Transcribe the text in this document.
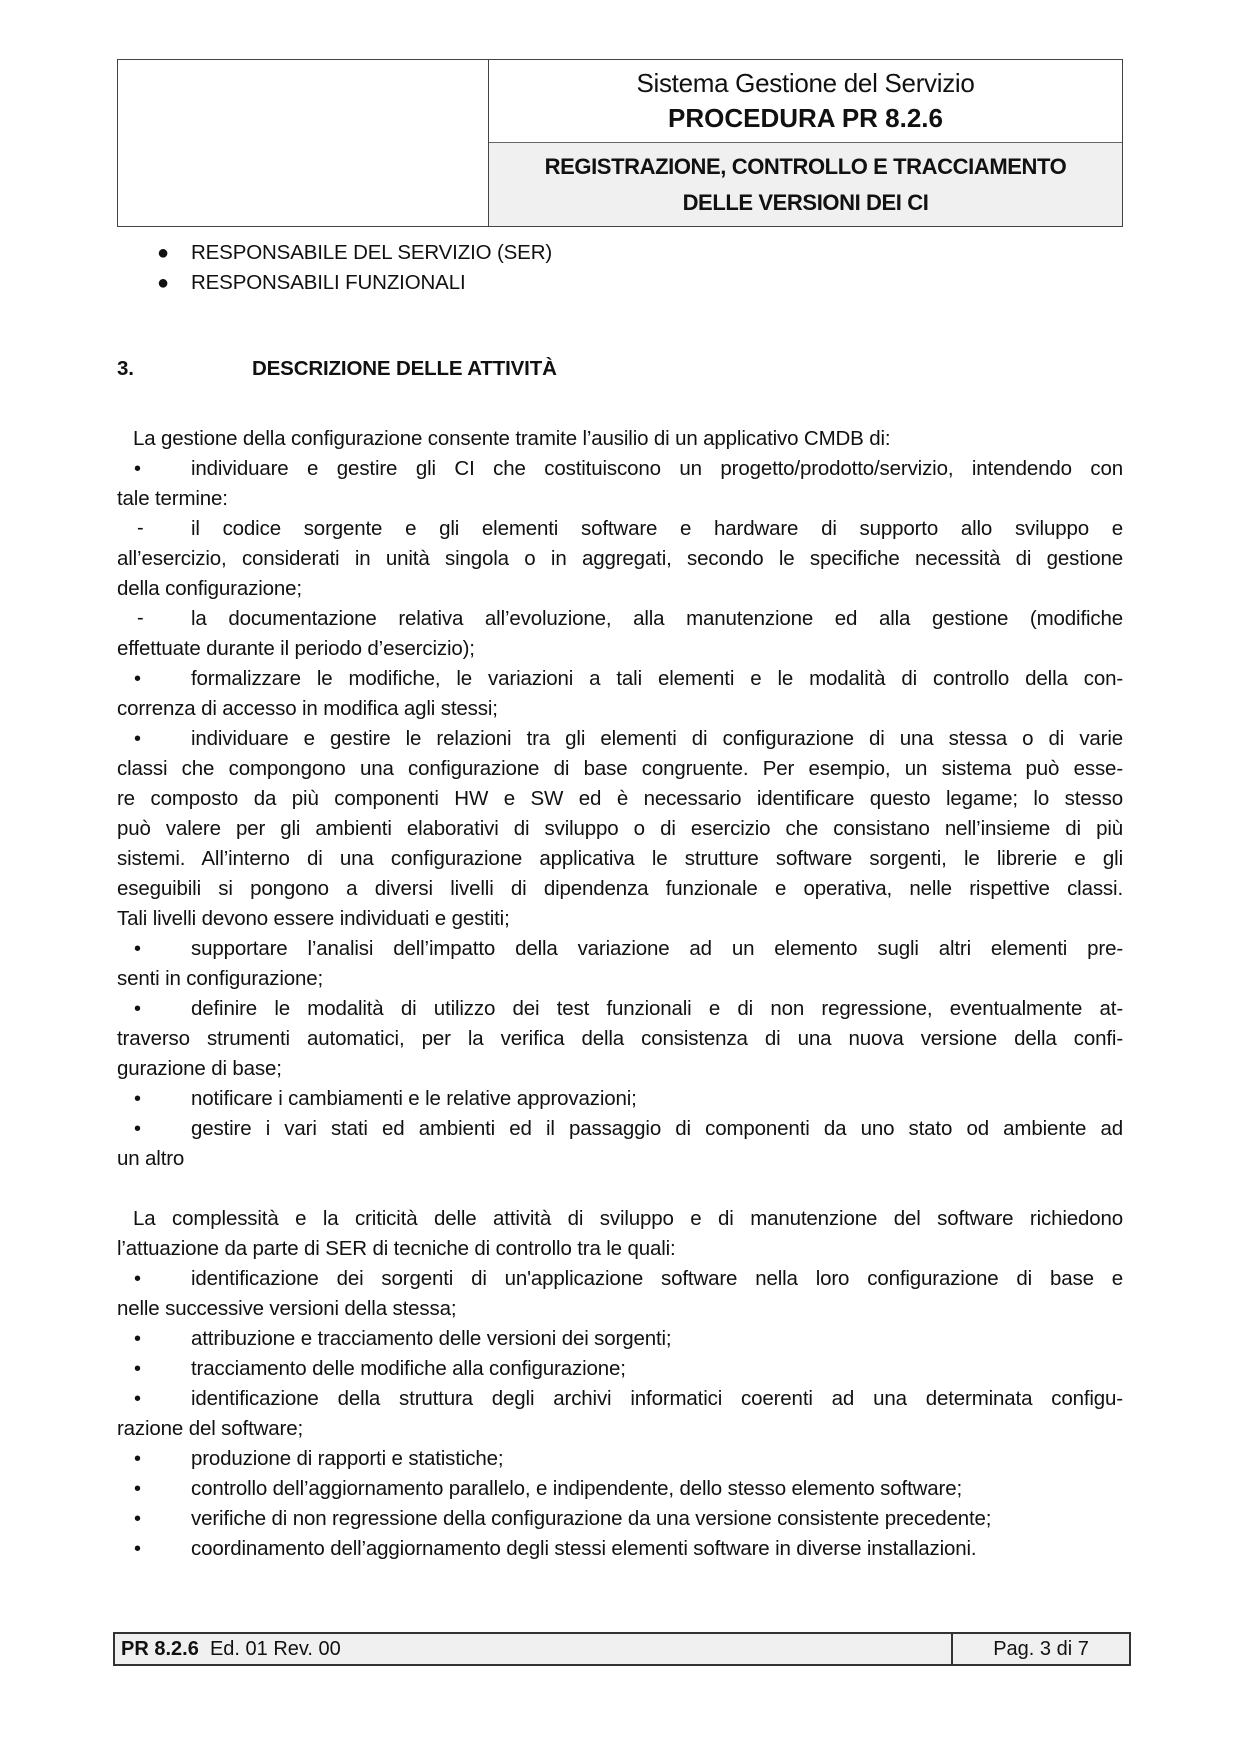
Sistema Gestione del Servizio
PROCEDURA PR 8.2.6
REGISTRAZIONE, CONTROLLO E TRACCIAMENTO
DELLE VERSIONI DEI CI
● RESPONSABILE DEL SERVIZIO (SER)
● RESPONSABILI FUNZIONALI
3.	DESCRIZIONE DELLE ATTIVITÀ
La gestione della configurazione consente tramite l’ausilio di un applicativo CMDB di:
• individuare e gestire gli CI che costituiscono un progetto/prodotto/servizio, intendendo con
tale termine:
- il codice sorgente e gli elementi software e hardware di supporto allo sviluppo e
all’esercizio, considerati in unità singola o in aggregati, secondo le specifiche necessità di gestione
della configurazione;
- la documentazione relativa all’evoluzione, alla manutenzione ed alla gestione (modifiche
effettuate durante il periodo d’esercizio);
• formalizzare le modifiche, le variazioni a tali elementi e le modalità di controllo della con-
correnza di accesso in modifica agli stessi;
• individuare e gestire le relazioni tra gli elementi di configurazione di una stessa o di varie
classi che compongono una configurazione di base congruente. Per esempio, un sistema può esse-
re composto da più componenti HW e SW ed è necessario identificare questo legame; lo stesso
può valere per gli ambienti elaborativi di sviluppo o di esercizio che consistano nell’insieme di più
sistemi. All’interno di una configurazione applicativa le strutture software sorgenti, le librerie e gli
eseguibili si pongono a diversi livelli di dipendenza funzionale e operativa, nelle rispettive classi.
Tali livelli devono essere individuati e gestiti;
• supportare l’analisi dell’impatto della variazione ad un elemento sugli altri elementi pre-
senti in configurazione;
• definire le modalità di utilizzo dei test funzionali e di non regressione, eventualmente at-
traverso strumenti automatici, per la verifica della consistenza di una nuova versione della confi-
gurazione di base;
• notificare i cambiamenti e le relative approvazioni;
• gestire i vari stati ed ambienti ed il passaggio di componenti da uno stato od ambiente ad
un altro
La complessità e la criticità delle attività di sviluppo e di manutenzione del software richiedono
l’attuazione da parte di SER di tecniche di controllo tra le quali:
• identificazione dei sorgenti di un'applicazione software nella loro configurazione di base e
nelle successive versioni della stessa;
• attribuzione e tracciamento delle versioni dei sorgenti;
• tracciamento delle modifiche alla configurazione;
• identificazione della struttura degli archivi informatici coerenti ad una determinata configu-
razione del software;
• produzione di rapporti e statistiche;
• controllo dell’aggiornamento parallelo, e indipendente, dello stesso elemento software;
• verifiche di non regressione della configurazione da una versione consistente precedente;
• coordinamento dell’aggiornamento degli stessi elementi software in diverse installazioni.
PR 8.2.6 Ed. 01 Rev. 00	Pag. 3 di 7
